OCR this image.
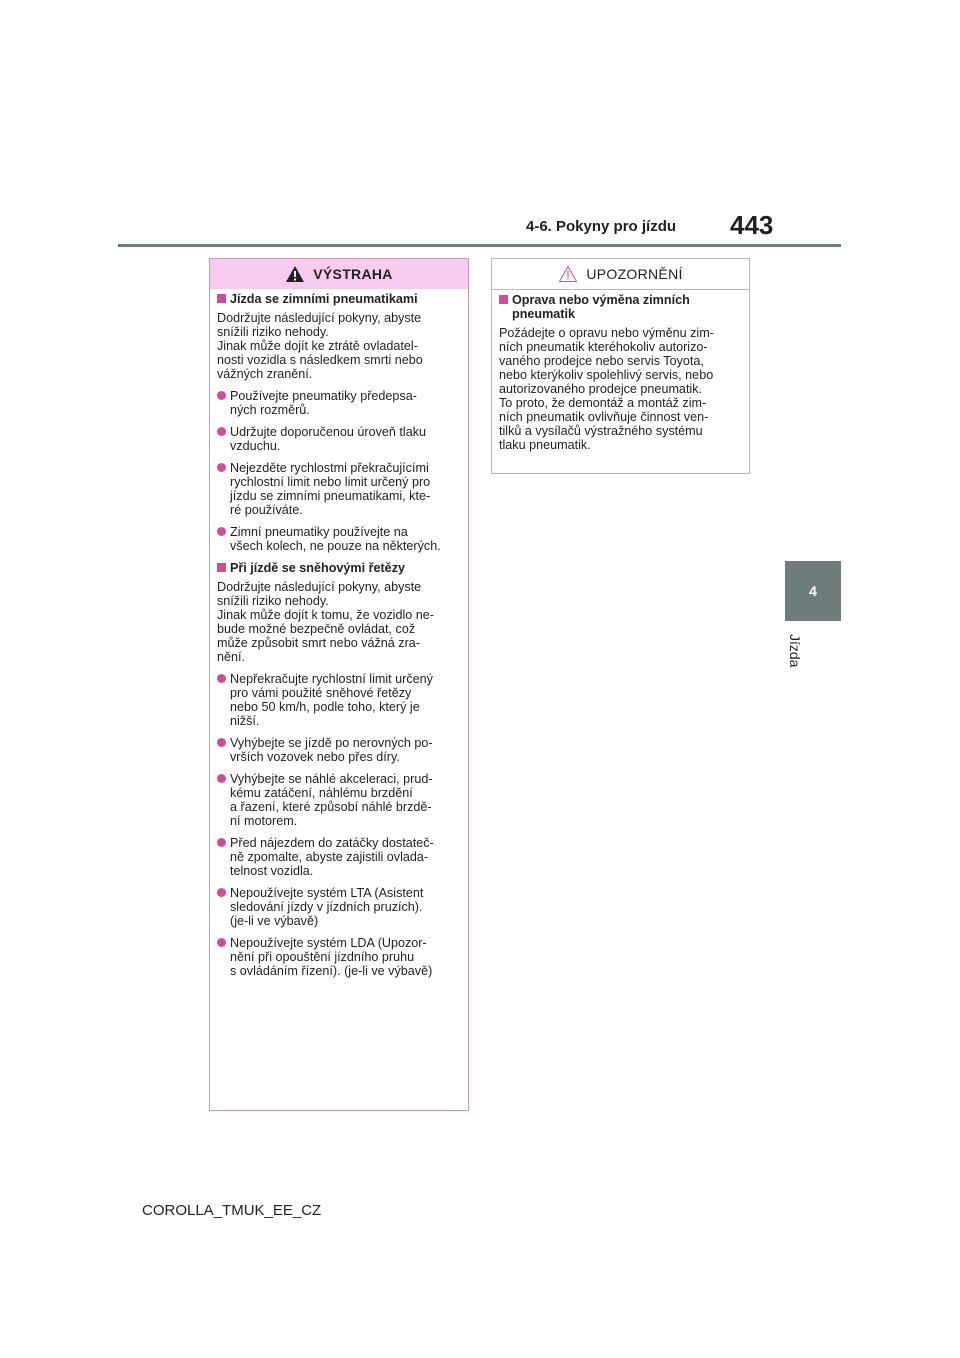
4-6. Pokyny pro jízdu 443
4
Jízda
VÝSTRAHA
Jízda se zimními pneumatikami
Dodržujte následující pokyny, abyste
snížili riziko nehody.
Jinak může dojít ke ztrátě ovladatel-
nosti vozidla s následkem smrti nebo
vážných zranění.
Používejte pneumatiky předepsa-
ných rozměrů.
Udržujte doporučenou úroveň tlaku
vzduchu.
Nejezděte rychlostmi překračujícími
rychlostní limit nebo limit určený pro
jízdu se zimními pneumatikami, kte-
ré používáte.
Zimní pneumatiky používejte na
všech kolech, ne pouze na některých.
Při jízdě se sněhovými řetězy
Dodržujte následující pokyny, abyste
snížili riziko nehody.
Jinak může dojít k tomu, že vozidlo ne-
bude možné bezpečně ovládat, což
může způsobit smrt nebo vážná zra-
nění.
Nepřekračujte rychlostní limit určený
pro vámi použité sněhové řetězy
nebo 50 km/h, podle toho, který je
nižší.
Vyhýbejte se jízdě po nerovných po-
vrších vozovek nebo přes díry.
Vyhýbejte se náhlé akceleraci, prud-
kému zatáčení, náhlému brzdění
a řazení, které způsobí náhlé brzdě-
ní motorem.
Před nájezdem do zatáčky dostateč-
ně zpomalte, abyste zajistili ovlada-
telnost vozidla.
Nepoužívejte systém LTA (Asistent
sledování jízdy v jízdních pruzích).
(je-li ve výbavě)
Nepoužívejte systém LDA (Upozor-
nění při opouštění jízdního pruhu
s ovládáním řízení). (je-li ve výbavě)
UPOZORNĚNÍ
Oprava nebo výměna zimních pneumatik
Požádejte o opravu nebo výměnu zim-
ních pneumatik kteréhokoliv autorizo-
vaného prodejce nebo servis Toyota,
nebo kterýkoliv spolehlivý servis, nebo
autorizovaného prodejce pneumatik.
To proto, že demontáž a montáž zim-
ních pneumatik ovlivňuje činnost ven-
tilků a vysílačů výstražného systému
tlaku pneumatik.
COROLLA_TMUK_EE_CZ
